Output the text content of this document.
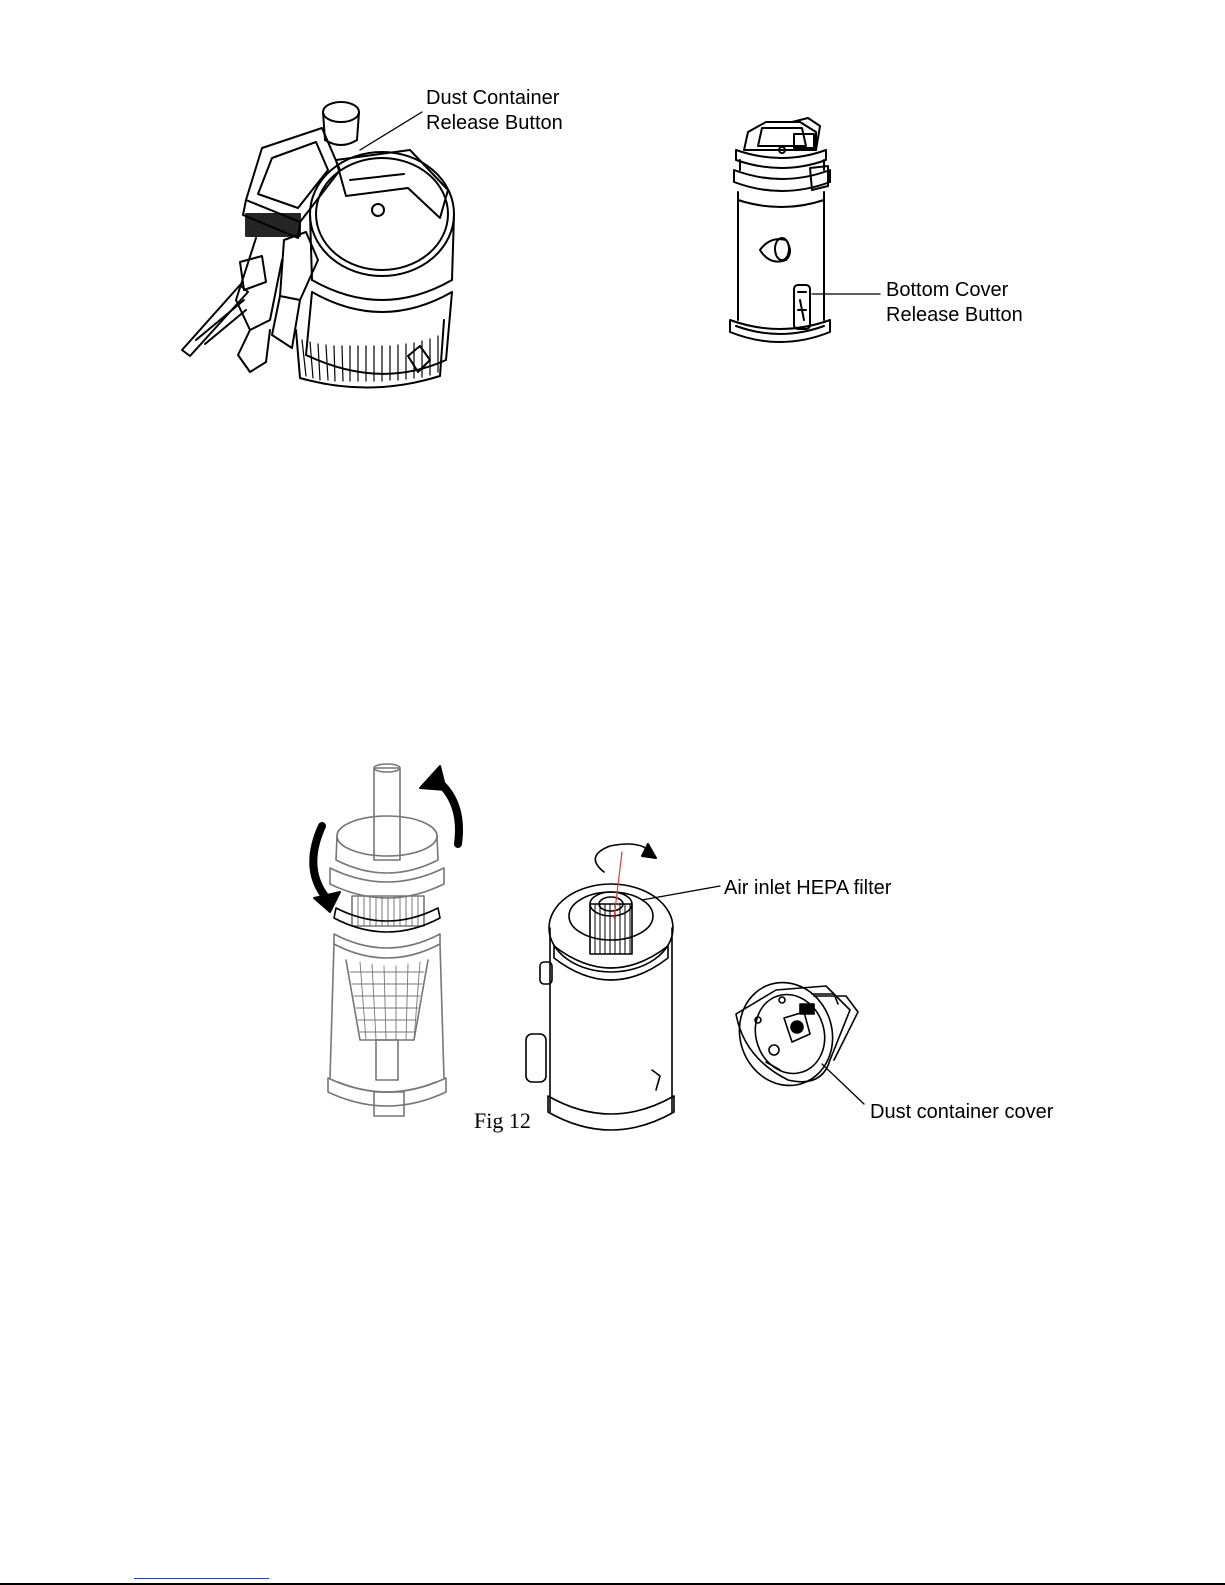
Dust Container
Release Button
Bottom Cover
Release Button
Air inlet HEPA filter
Dust container cover
Fig 12
